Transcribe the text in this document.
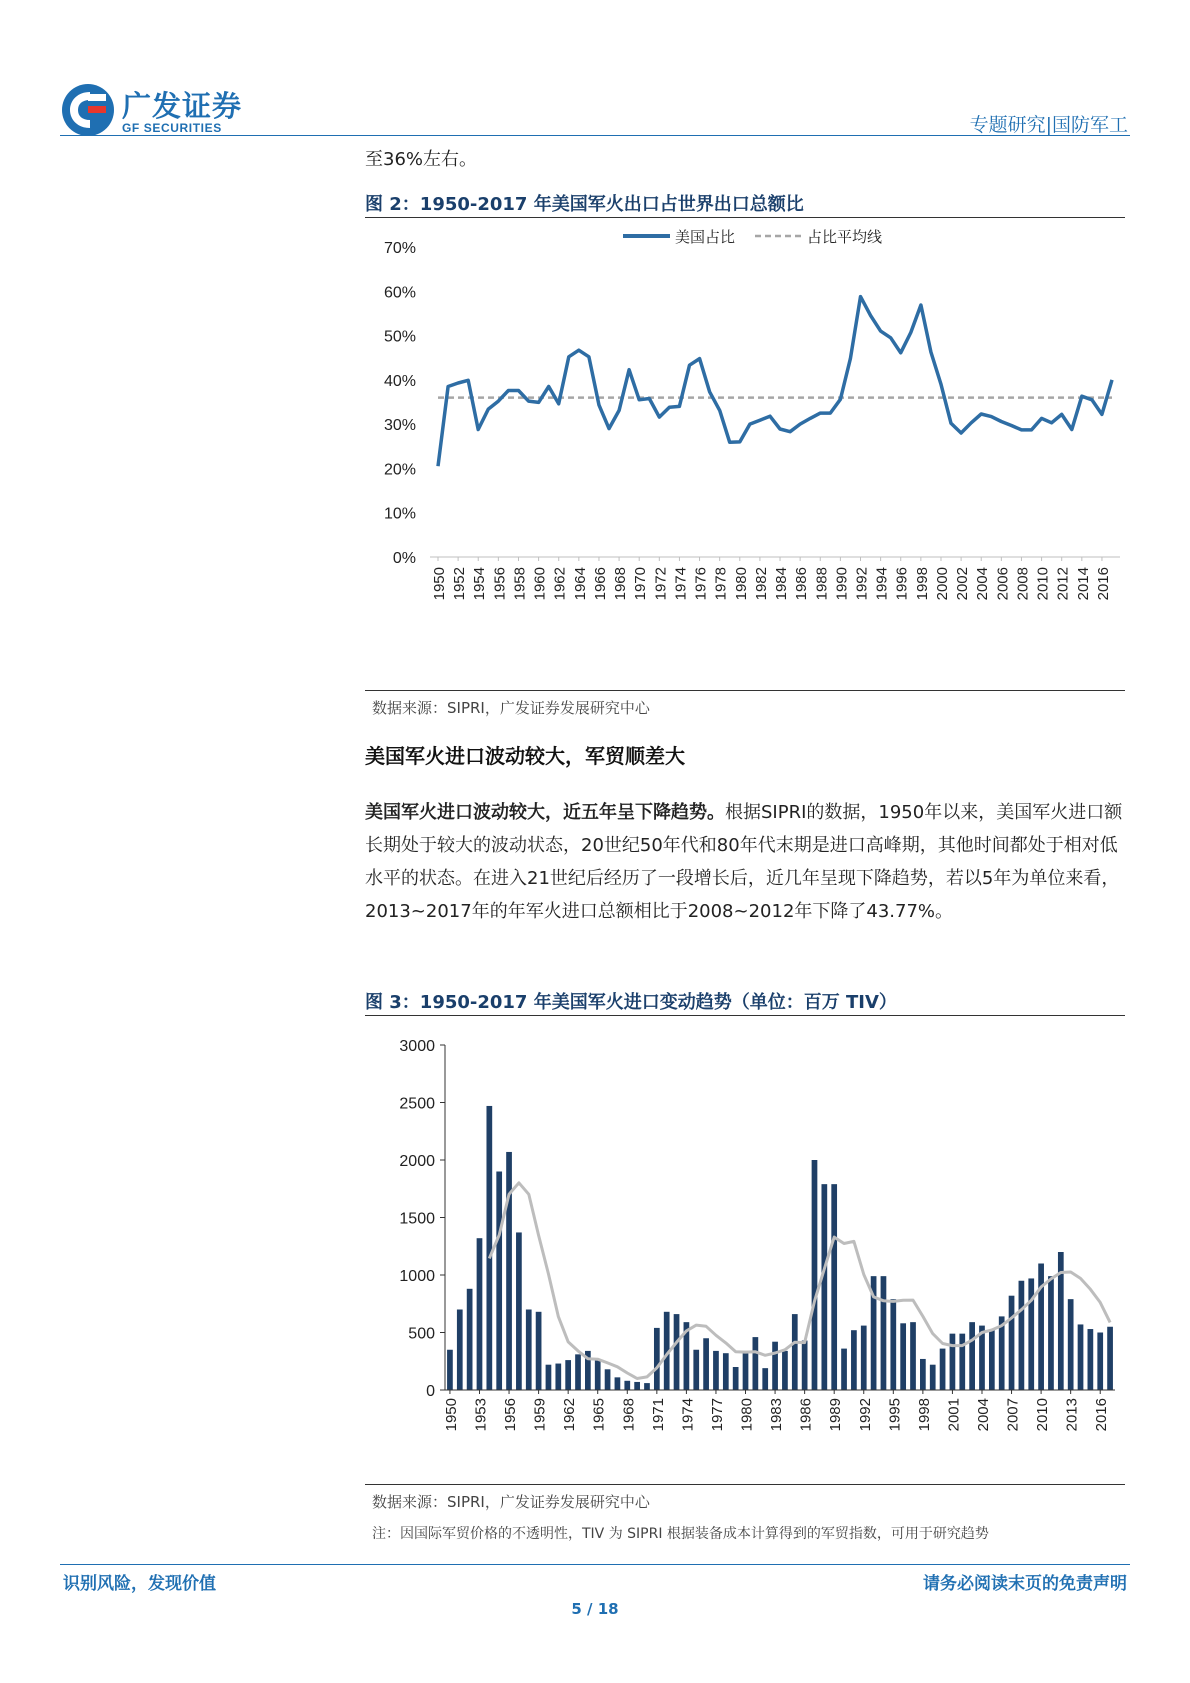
广发证券
GF SECURITIES	专题研究|国防军工
至36%左右。
图 2：1950-2017 年美国军火出口占世界出口总额比
0%
10%
20%
30%
40%
50%
60%
70%
1950 1952 1954 1956 1958 1960 1962 1964 1966 1968 1970 1972 1974 1976 1978 1980 1982 1984 1986 1988 1990 1992 1994 1996 1998 2000 2002 2004 2006 2008 2010 2012 2014 2016
美国占比	占比平均线
数据来源：SIPRI，广发证券发展研究中心
美国军火进口波动较大，军贸顺差大
美国军火进口波动较大，近五年呈下降趋势。根据SIPRI的数据，1950年以来，美国军火进口额长期处于较大的波动状态，20世纪50年代和80年代末期是进口高峰期，其他时间都处于相对低水平的状态。在进入21世纪后经历了一段增长后，近几年呈现下降趋势，若以5年为单位来看，2013~2017年的年军火进口总额相比于2008~2012年下降了43.77%。
图 3：1950-2017 年美国军火进口变动趋势（单位：百万 TIV）
0
500
1000
1500
2000
2500
3000
1950 1953 1956 1959 1962 1965 1968 1971 1974 1977 1980 1983 1986 1989 1992 1995 1998 2001 2004 2007 2010 2013 2016
数据来源：SIPRI，广发证券发展研究中心
注：因国际军贸价格的不透明性，TIV 为 SIPRI 根据装备成本计算得到的军贸指数，可用于研究趋势
识别风险，发现价值	请务必阅读末页的免责声明
5 / 18
